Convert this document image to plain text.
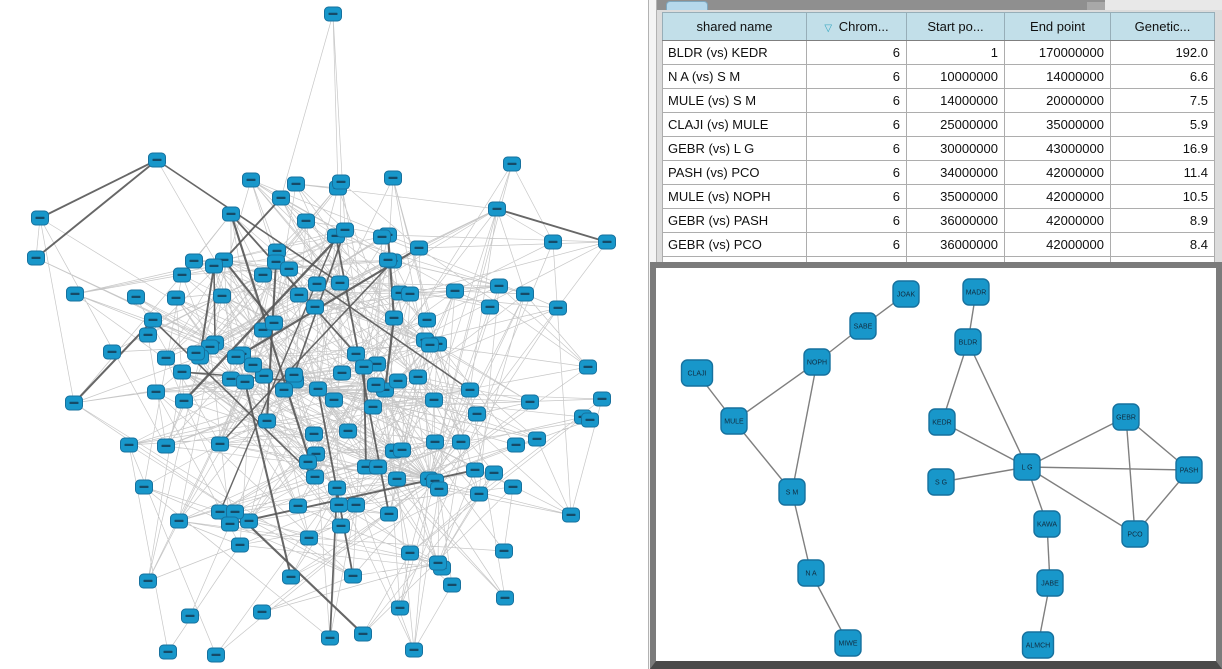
shared name	▽ Chrom...	Start po...	End point	Genetic...
BLDR (vs) KEDR	6	1	170000000	192.0
N A (vs) S M	6	10000000	14000000	6.6
MULE (vs) S M	6	14000000	20000000	7.5
CLAJI (vs) MULE	6	25000000	35000000	5.9
GEBR (vs) L G	6	30000000	43000000	16.9
PASH (vs) PCO	6	34000000	42000000	11.4
MULE (vs) NOPH	6	35000000	42000000	10.5
GEBR (vs) PASH	6	36000000	42000000	8.9
GEBR (vs) PCO	6	36000000	42000000	8.4

CLAJI
MULE
NOPH
SABE
JOAK	MADR
BLDR
KEDR
S G
L G
GEBR
PASH
PCO
KAWA
JABE
ALMCH
S M
N A
MIWE
